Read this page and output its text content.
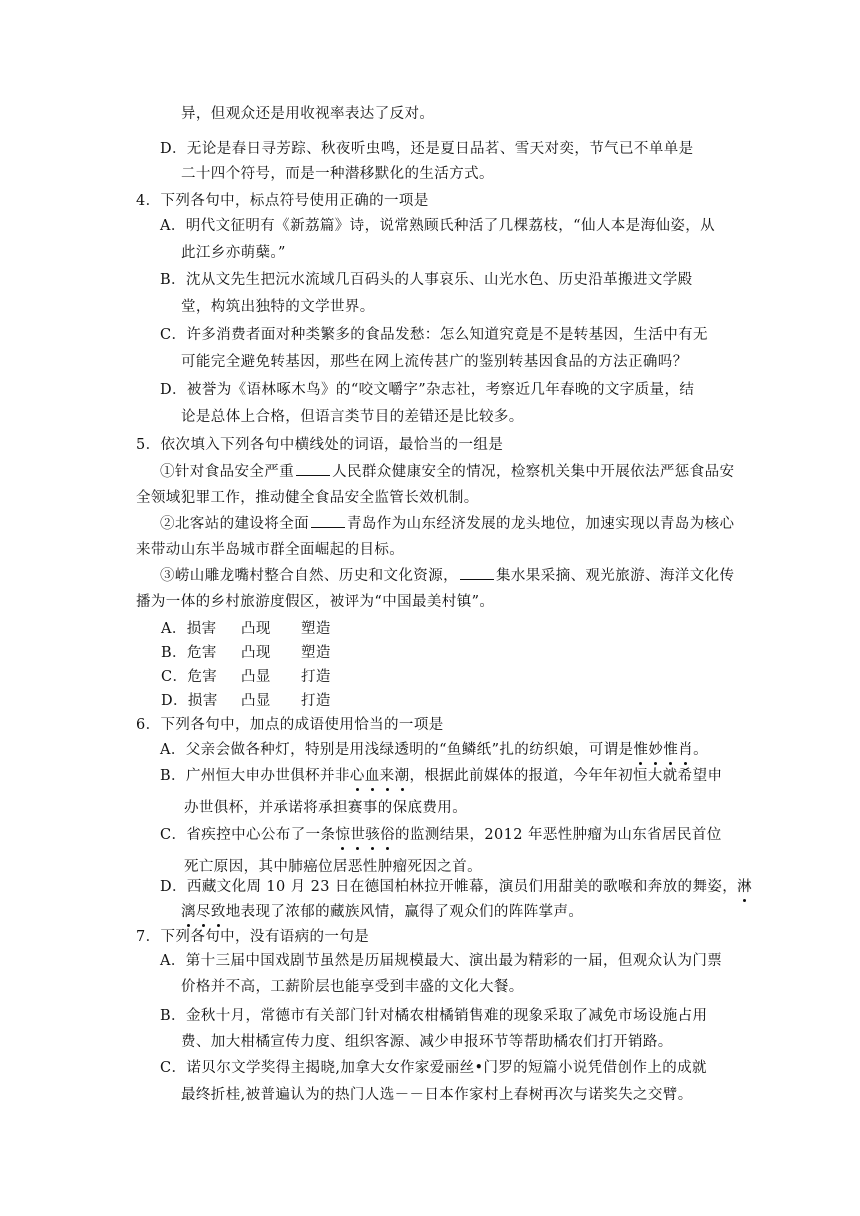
异，但观众还是用收视率表达了反对。
D．无论是春日寻芳踪、秋夜听虫鸣，还是夏日品茗、雪天对奕，节气已不单单是
二十四个符号，而是一种潜移默化的生活方式。
4．下列各句中，标点符号使用正确的一项是
A．明代文征明有《新荔篇》诗，说常熟顾氏种活了几棵荔枝，“仙人本是海仙姿，从
此江乡亦萌蘖。”
B．沈从文先生把沅水流域几百码头的人事哀乐、山光水色、历史沿革搬进文学殿
堂，构筑出独特的文学世界。
C．许多消费者面对种类繁多的食品发愁：怎么知道究竟是不是转基因，生活中有无
可能完全避免转基因，那些在网上流传甚广的鉴别转基因食品的方法正确吗？
D．被誉为《语林啄木鸟》的“咬文嚼字”杂志社，考察近几年春晚的文字质量，结
论是总体上合格，但语言类节目的差错还是比较多。
5．依次填入下列各句中横线处的词语，最恰当的一组是
①针对食品安全严重	人民群众健康安全的情况，检察机关集中开展依法严惩食品安
全领域犯罪工作，推动健全食品安全监管长效机制。
②北客站的建设将全面	青岛作为山东经济发展的龙头地位，加速实现以青岛为核心
来带动山东半岛城市群全面崛起的目标。
③崂山雕龙嘴村整合自然、历史和文化资源，	集水果采摘、观光旅游、海洋文化传
播为一体的乡村旅游度假区，被评为“中国最美村镇”。
A．损害 凸现 塑造
B．危害 凸现 塑造
C．危害 凸显 打造
D．损害 凸显 打造
6．下列各句中，加点的成语使用恰当的一项是
A．父亲会做各种灯，特别是用浅绿透明的“鱼鳞纸”扎的纺织娘，可谓是惟妙惟肖。
B．广州恒大申办世俱杯并非心血来潮，根据此前媒体的报道，今年年初恒大就希望申
办世俱杯，并承诺将承担赛事的保底费用。
C．省疾控中心公布了一条惊世骇俗的监测结果，2012 年恶性肿瘤为山东省居民首位
死亡原因，其中肺癌位居恶性肿瘤死因之首。
D．西藏文化周 10 月 23 日在德国柏林拉开帷幕，演员们用甜美的歌喉和奔放的舞姿，淋
漓尽致地表现了浓郁的藏族风情，赢得了观众们的阵阵掌声。
7．下列各句中，没有语病的一句是
A．第十三届中国戏剧节虽然是历届规模最大、演出最为精彩的一届，但观众认为门票
价格并不高，工薪阶层也能享受到丰盛的文化大餐。
B．金秋十月，常德市有关部门针对橘农柑橘销售难的现象采取了减免市场设施占用
费、加大柑橘宣传力度、组织客源、减少申报环节等帮助橘农们打开销路。
C．诺贝尔文学奖得主揭晓,加拿大女作家爱丽丝•门罗的短篇小说凭借创作上的成就
最终折桂,被普遍认为的热门人选－－日本作家村上春树再次与诺奖失之交臂。
